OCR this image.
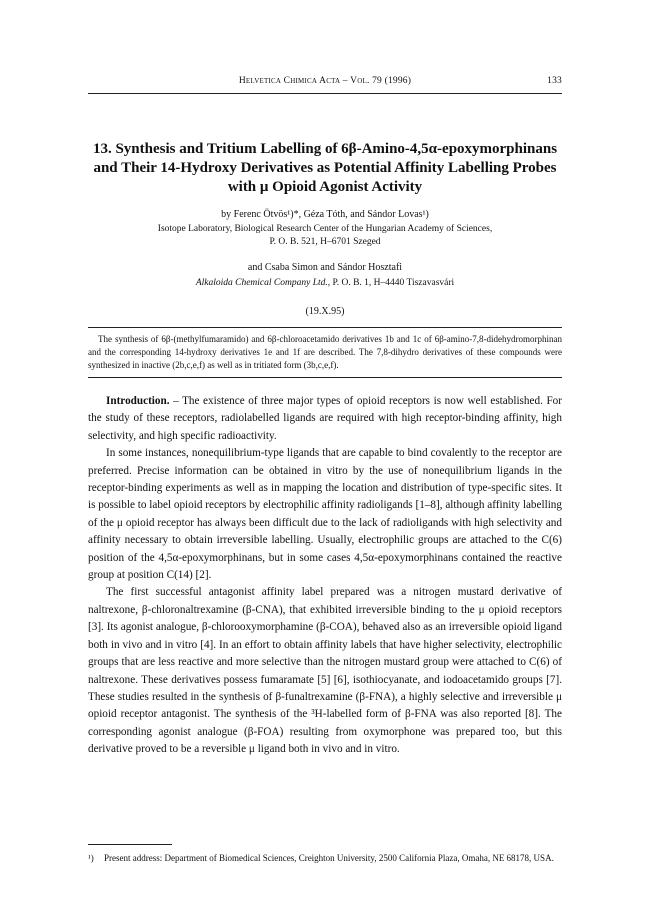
Helvetica Chimica Acta – Vol. 79 (1996)	133
13. Synthesis and Tritium Labelling of 6β-Amino-4,5α-epoxymorphinans and Their 14-Hydroxy Derivatives as Potential Affinity Labelling Probes with μ Opioid Agonist Activity
by Ferenc Ötvös¹)*, Géza Tóth, and Sándor Lovas¹)
Isotope Laboratory, Biological Research Center of the Hungarian Academy of Sciences,
P. O. B. 521, H–6701 Szeged
and Csaba Simon and Sándor Hosztafi
Alkaloida Chemical Company Ltd., P. O. B. 1, H–4440 Tiszavasvári
(19.X.95)
The synthesis of 6β-(methylfumaramido) and 6β-chloroacetamido derivatives 1b and 1c of 6β-amino-7,8-didehydromorphinan and the corresponding 14-hydroxy derivatives 1e and 1f are described. The 7,8-dihydro derivatives of these compounds were synthesized in inactive (2b,c,e,f) as well as in tritiated form (3b,c,e,f).

Introduction. – The existence of three major types of opioid receptors is now well established. For the study of these receptors, radiolabelled ligands are required with high receptor-binding affinity, high selectivity, and high specific radioactivity.

In some instances, nonequilibrium-type ligands that are capable to bind covalently to the receptor are preferred. Precise information can be obtained in vitro by the use of nonequilibrium ligands in the receptor-binding experiments as well as in mapping the location and distribution of type-specific sites. It is possible to label opioid receptors by electrophilic affinity radioligands [1–8], although affinity labelling of the μ opioid receptor has always been difficult due to the lack of radioligands with high selectivity and affinity necessary to obtain irreversible labelling. Usually, electrophilic groups are attached to the C(6) position of the 4,5α-epoxymorphinans, but in some cases 4,5α-epoxymorphinans contained the reactive group at position C(14) [2].

The first successful antagonist affinity label prepared was a nitrogen mustard derivative of naltrexone, β-chloronaltrexamine (β-CNA), that exhibited irreversible binding to the μ opioid receptors [3]. Its agonist analogue, β-chlorooxymorphamine (β-COA), behaved also as an irreversible opioid ligand both in vivo and in vitro [4]. In an effort to obtain affinity labels that have higher selectivity, electrophilic groups that are less reactive and more selective than the nitrogen mustard group were attached to C(6) of naltrexone. These derivatives possess fumaramate [5] [6], isothiocyanate, and iodoacetamido groups [7]. These studies resulted in the synthesis of β-funaltrexamine (β-FNA), a highly selective and irreversible μ opioid receptor antagonist. The synthesis of the ³H-labelled form of β-FNA was also reported [8]. The corresponding agonist analogue (β-FOA) resulting from oxymorphone was prepared too, but this derivative proved to be a reversible μ ligand both in vivo and in vitro.

¹) Present address: Department of Biomedical Sciences, Creighton University, 2500 California Plaza, Omaha, NE 68178, USA.
